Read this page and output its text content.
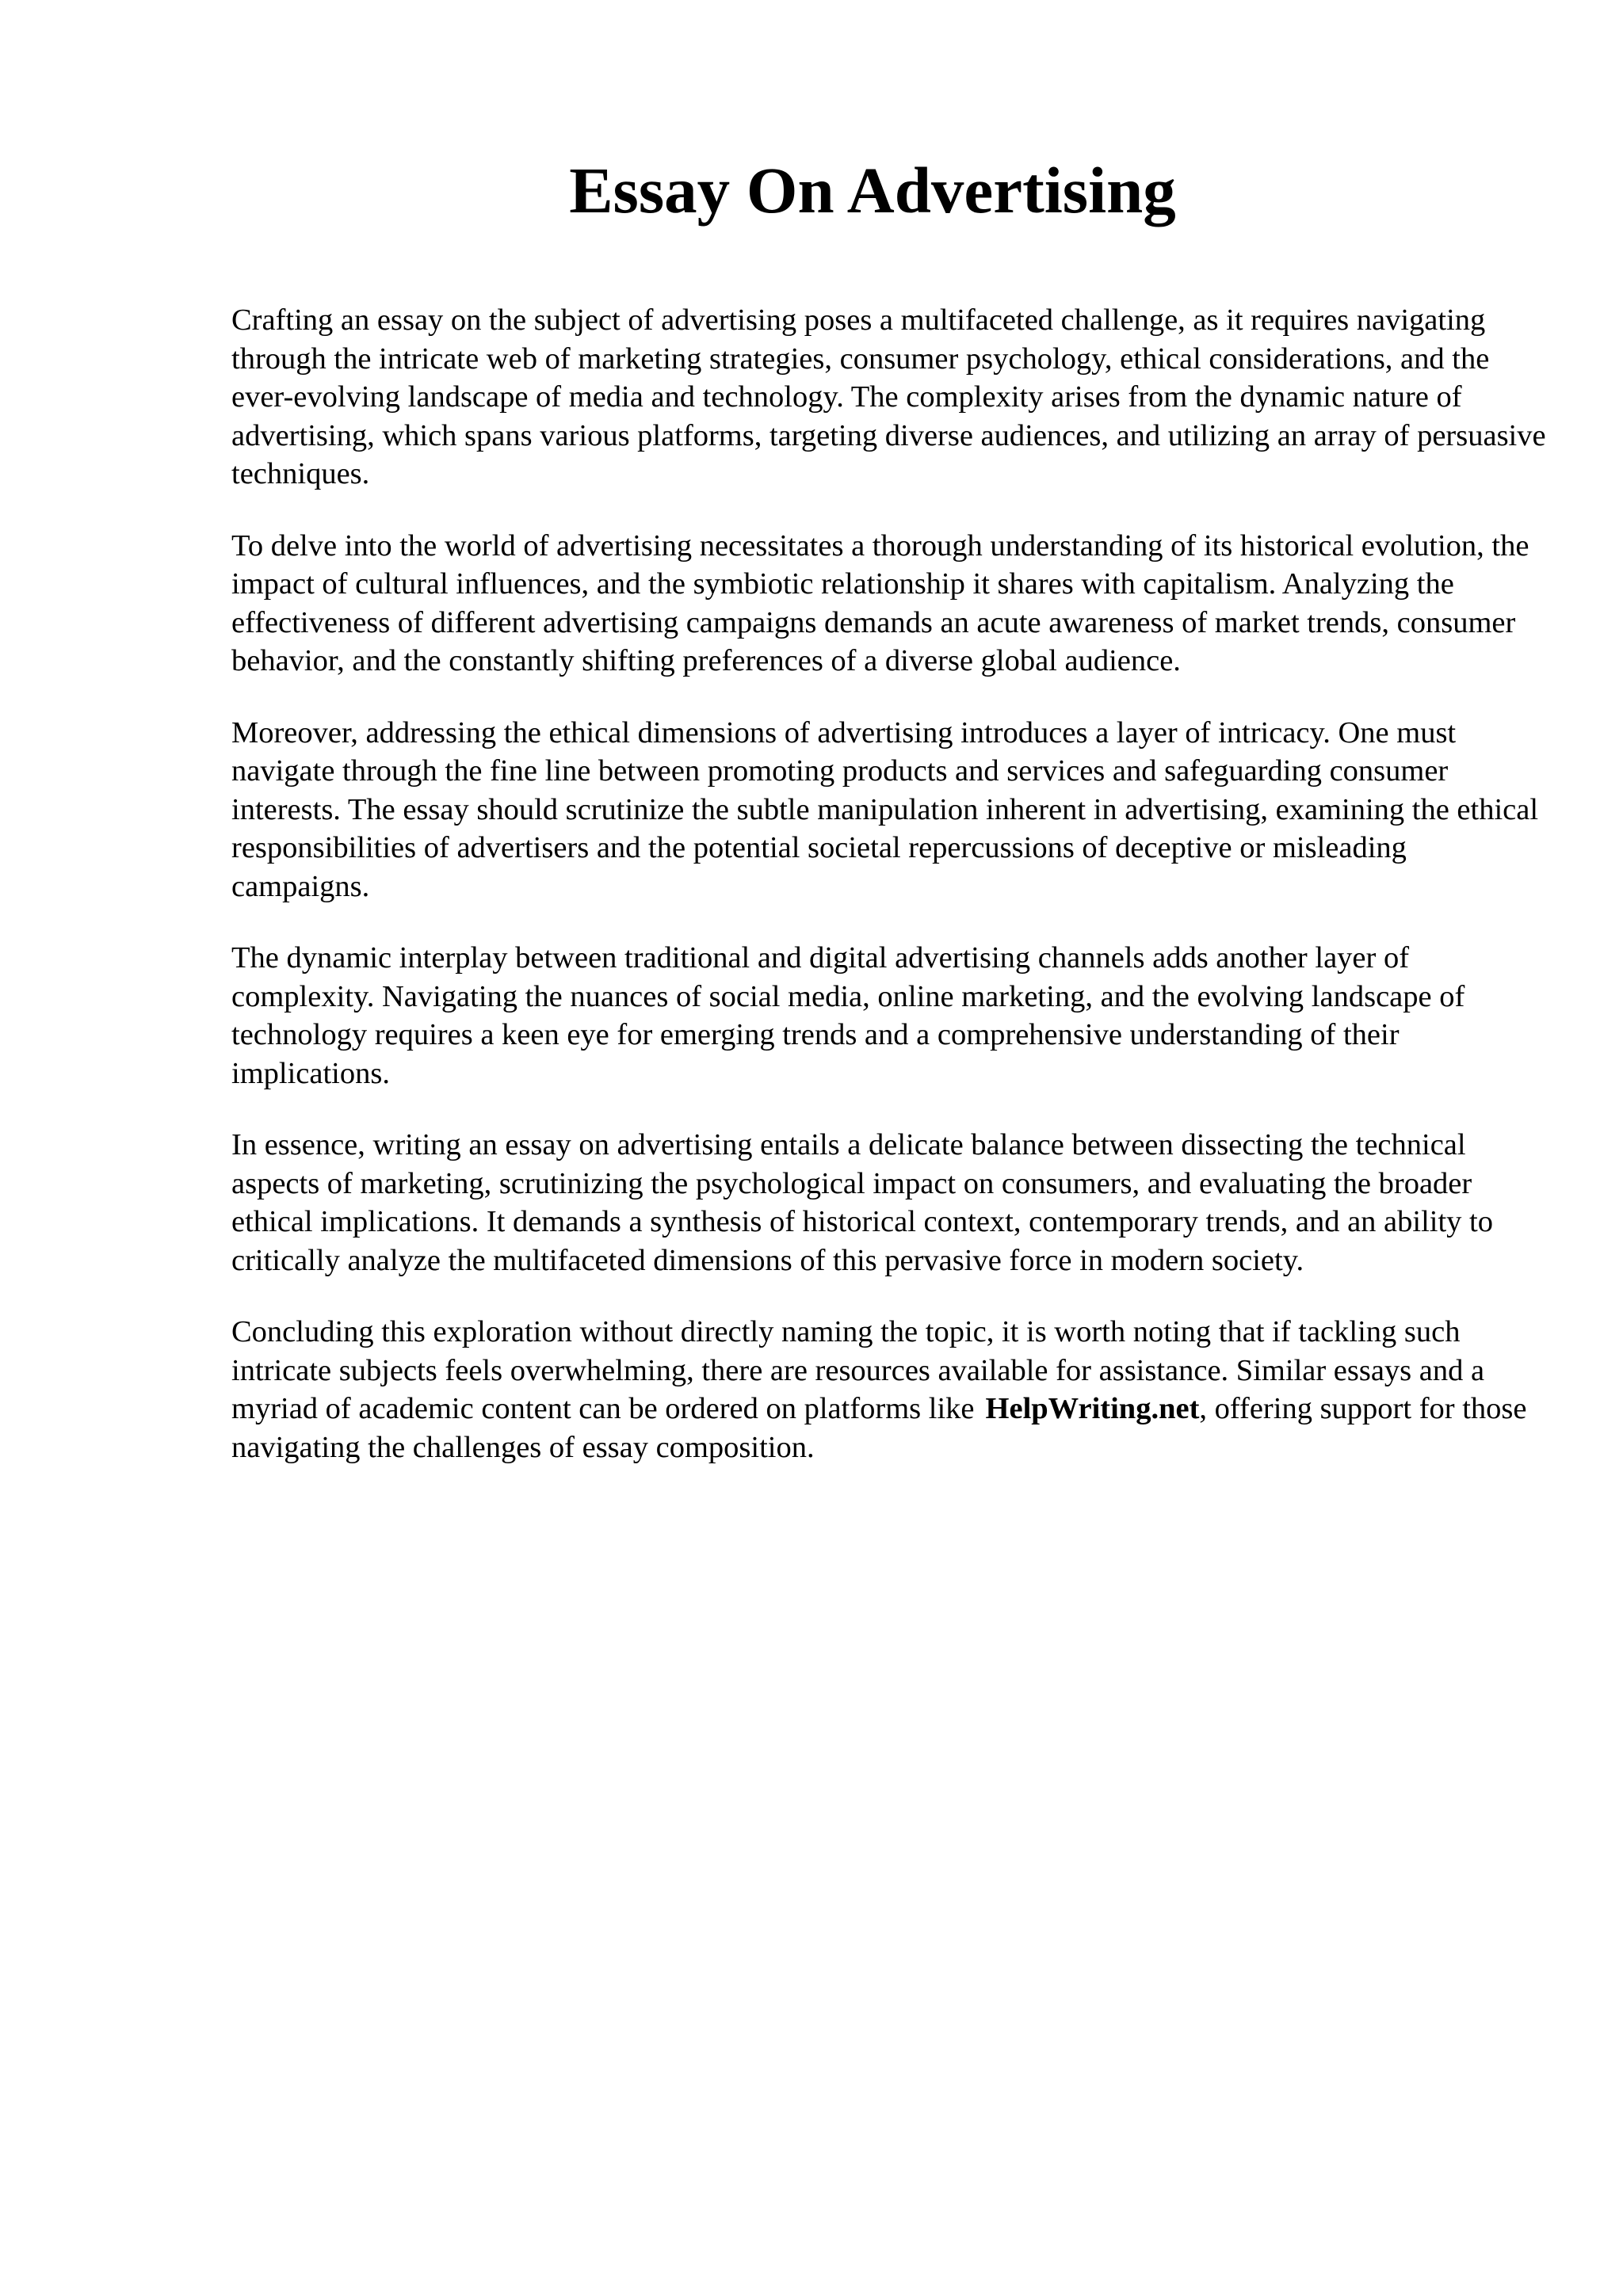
Essay On Advertising

Crafting an essay on the subject of advertising poses a multifaceted challenge, as it requires navigating through the intricate web of marketing strategies, consumer psychology, ethical considerations, and the ever-evolving landscape of media and technology. The complexity arises from the dynamic nature of advertising, which spans various platforms, targeting diverse audiences, and utilizing an array of persuasive techniques.

To delve into the world of advertising necessitates a thorough understanding of its historical evolution, the impact of cultural influences, and the symbiotic relationship it shares with capitalism. Analyzing the effectiveness of different advertising campaigns demands an acute awareness of market trends, consumer behavior, and the constantly shifting preferences of a diverse global audience.

Moreover, addressing the ethical dimensions of advertising introduces a layer of intricacy. One must navigate through the fine line between promoting products and services and safeguarding consumer interests. The essay should scrutinize the subtle manipulation inherent in advertising, examining the ethical responsibilities of advertisers and the potential societal repercussions of deceptive or misleading campaigns.

The dynamic interplay between traditional and digital advertising channels adds another layer of complexity. Navigating the nuances of social media, online marketing, and the evolving landscape of technology requires a keen eye for emerging trends and a comprehensive understanding of their implications.

In essence, writing an essay on advertising entails a delicate balance between dissecting the technical aspects of marketing, scrutinizing the psychological impact on consumers, and evaluating the broader ethical implications. It demands a synthesis of historical context, contemporary trends, and an ability to critically analyze the multifaceted dimensions of this pervasive force in modern society.

Concluding this exploration without directly naming the topic, it is worth noting that if tackling such intricate subjects feels overwhelming, there are resources available for assistance. Similar essays and a myriad of academic content can be ordered on platforms like HelpWriting.net, offering support for those navigating the challenges of essay composition.
